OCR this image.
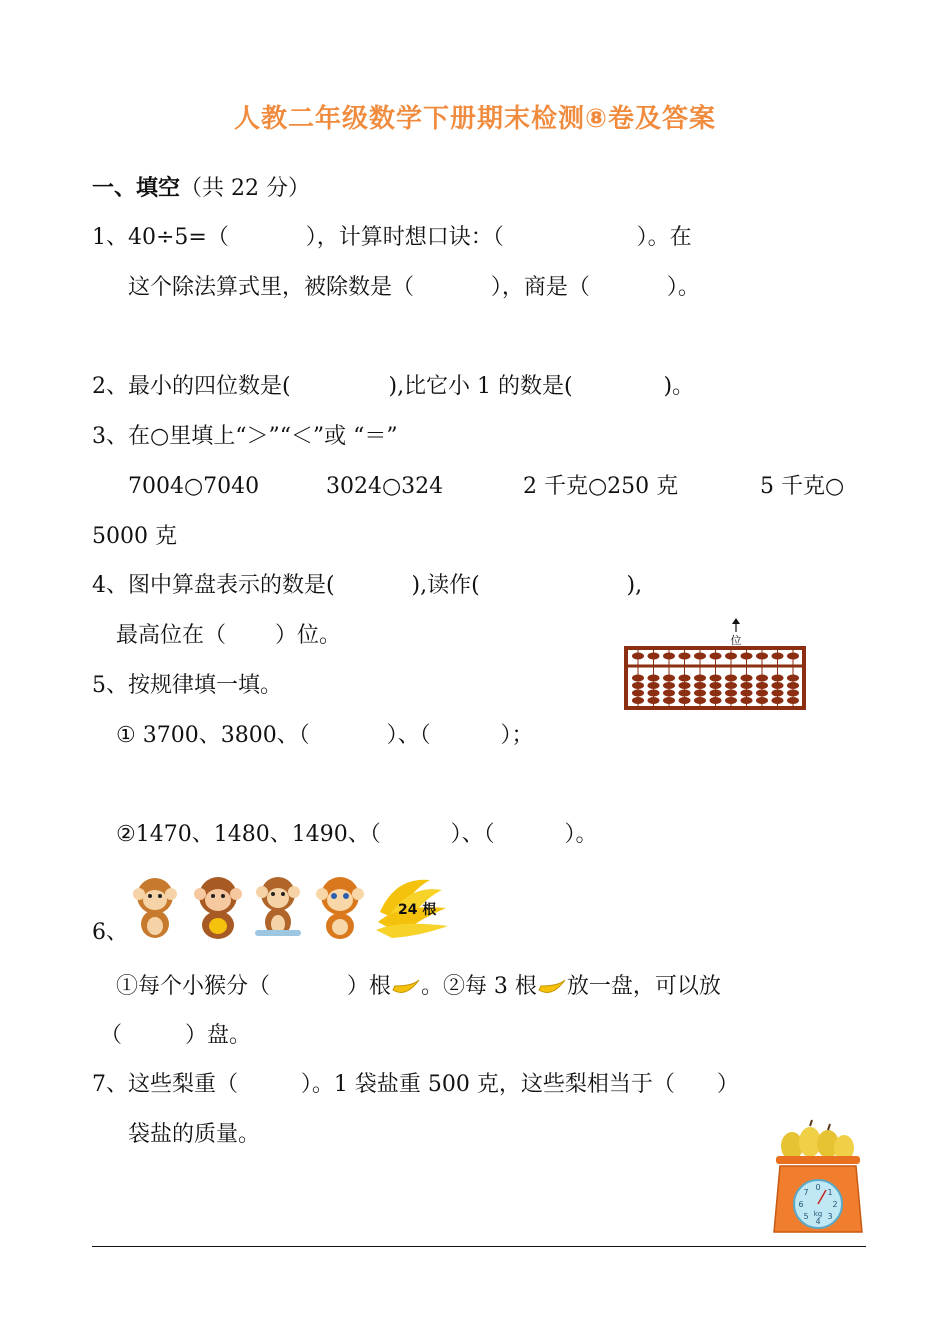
人教二年级数学下册期末检测⑧卷及答案
一、填空（共 22 分）
1、40÷5=（           ），计算时想口诀：（                   ）。在
这个除法算式里，被除数是（           ），商是（           ）。
2、最小的四位数是(              ),比它小 1 的数是(             )。
3、在○里填上“＞”“＜”或 “＝”
7004○7040	3024○324	2 千克○250 克	5 千克○
5000 克
4、图中算盘表示的数是(           ),读作(                     ),
最高位在（       ）位。	位
5、按规律填一填。
① 3700、3800、（           ）、（          ）；
②1470、1480、1490、（          ）、（          ）。
24 根
6、
①每个小猴分（           ）根 。②每 3 根 放一盘，可以放
（         ）盘。
7、这些梨重（         ）。1 袋盐重 500 克，这些梨相当于（      ）
袋盐的质量。
0
1
2
3
4
5
6
7
kg
